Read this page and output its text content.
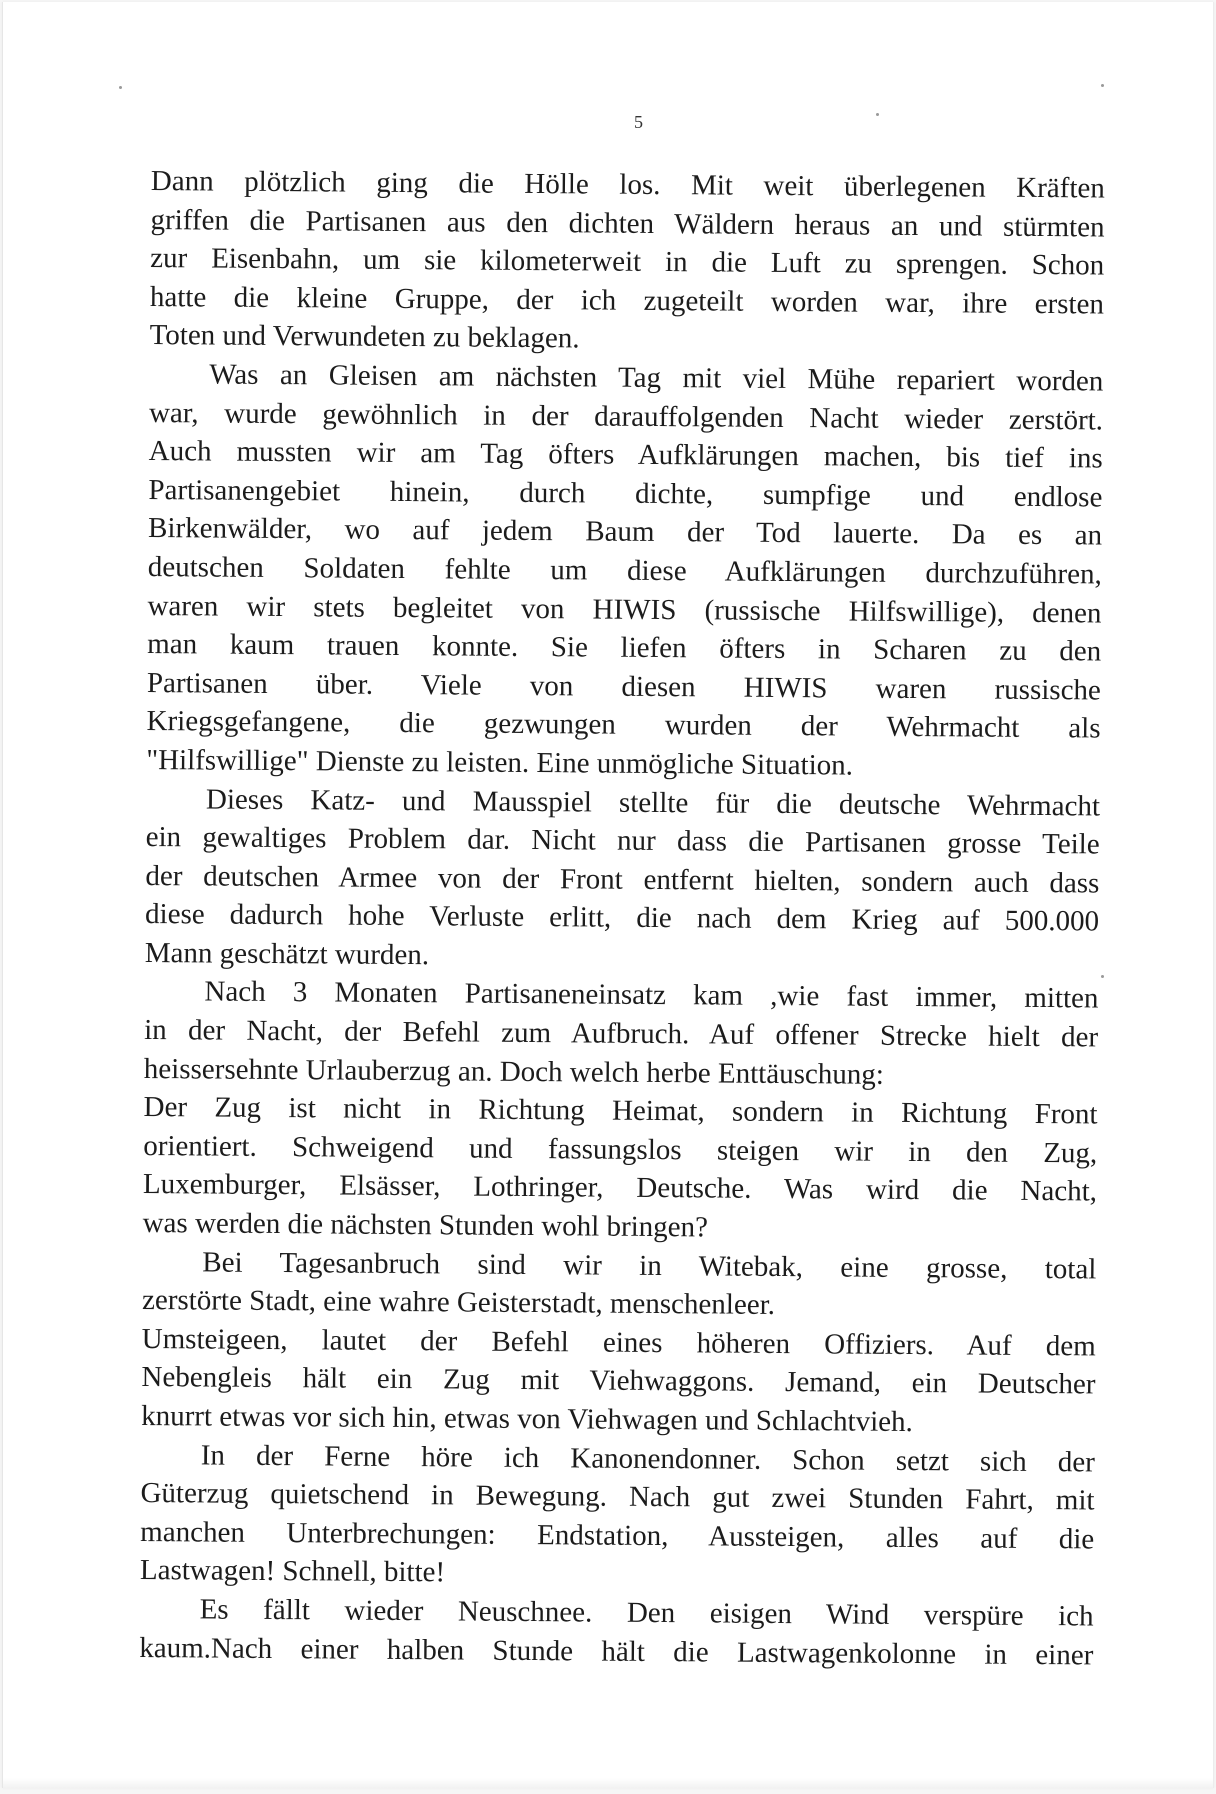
5
Dann plötzlich ging die Hölle los. Mit weit überlegenen Kräften
griffen die Partisanen aus den dichten Wäldern heraus an und stürmten
zur Eisenbahn, um sie kilometerweit in die Luft zu sprengen. Schon
hatte die kleine Gruppe, der ich zugeteilt worden war, ihre ersten
Toten und Verwundeten zu beklagen.
Was an Gleisen am nächsten Tag mit viel Mühe repariert worden
war, wurde gewöhnlich in der darauffolgenden Nacht wieder zerstört.
Auch mussten wir am Tag öfters Aufklärungen machen, bis tief ins
Partisanengebiet hinein, durch dichte, sumpfige und endlose
Birkenwälder, wo auf jedem Baum der Tod lauerte. Da es an
deutschen Soldaten fehlte um diese Aufklärungen durchzuführen,
waren wir stets begleitet von HIWIS (russische Hilfswillige), denen
man kaum trauen konnte. Sie liefen öfters in Scharen zu den
Partisanen über. Viele von diesen HIWIS waren russische
Kriegsgefangene, die gezwungen wurden der Wehrmacht als
"Hilfswillige" Dienste zu leisten. Eine unmögliche Situation.
Dieses Katz- und Mausspiel stellte für die deutsche Wehrmacht
ein gewaltiges Problem dar. Nicht nur dass die Partisanen grosse Teile
der deutschen Armee von der Front entfernt hielten, sondern auch dass
diese dadurch hohe Verluste erlitt, die nach dem Krieg auf 500.000
Mann geschätzt wurden.
Nach 3 Monaten Partisaneneinsatz kam ,wie fast immer, mitten
in der Nacht, der Befehl zum Aufbruch. Auf offener Strecke hielt der
heissersehnte Urlauberzug an. Doch welch herbe Enttäuschung:
Der Zug ist nicht in Richtung Heimat, sondern in Richtung Front
orientiert. Schweigend und fassungslos steigen wir in den Zug,
Luxemburger, Elsässer, Lothringer, Deutsche. Was wird die Nacht,
was werden die nächsten Stunden wohl bringen?
Bei Tagesanbruch sind wir in Witebak, eine grosse, total
zerstörte Stadt, eine wahre Geisterstadt, menschenleer.
Umsteigeen, lautet der Befehl eines höheren Offiziers. Auf dem
Nebengleis hält ein Zug mit Viehwaggons. Jemand, ein Deutscher
knurrt etwas vor sich hin, etwas von Viehwagen und Schlachtvieh.
In der Ferne höre ich Kanonendonner. Schon setzt sich der
Güterzug quietschend in Bewegung. Nach gut zwei Stunden Fahrt, mit
manchen Unterbrechungen: Endstation, Aussteigen, alles auf die
Lastwagen! Schnell, bitte!
Es fällt wieder Neuschnee. Den eisigen Wind verspüre ich
kaum.Nach einer halben Stunde hält die Lastwagenkolonne in einer
